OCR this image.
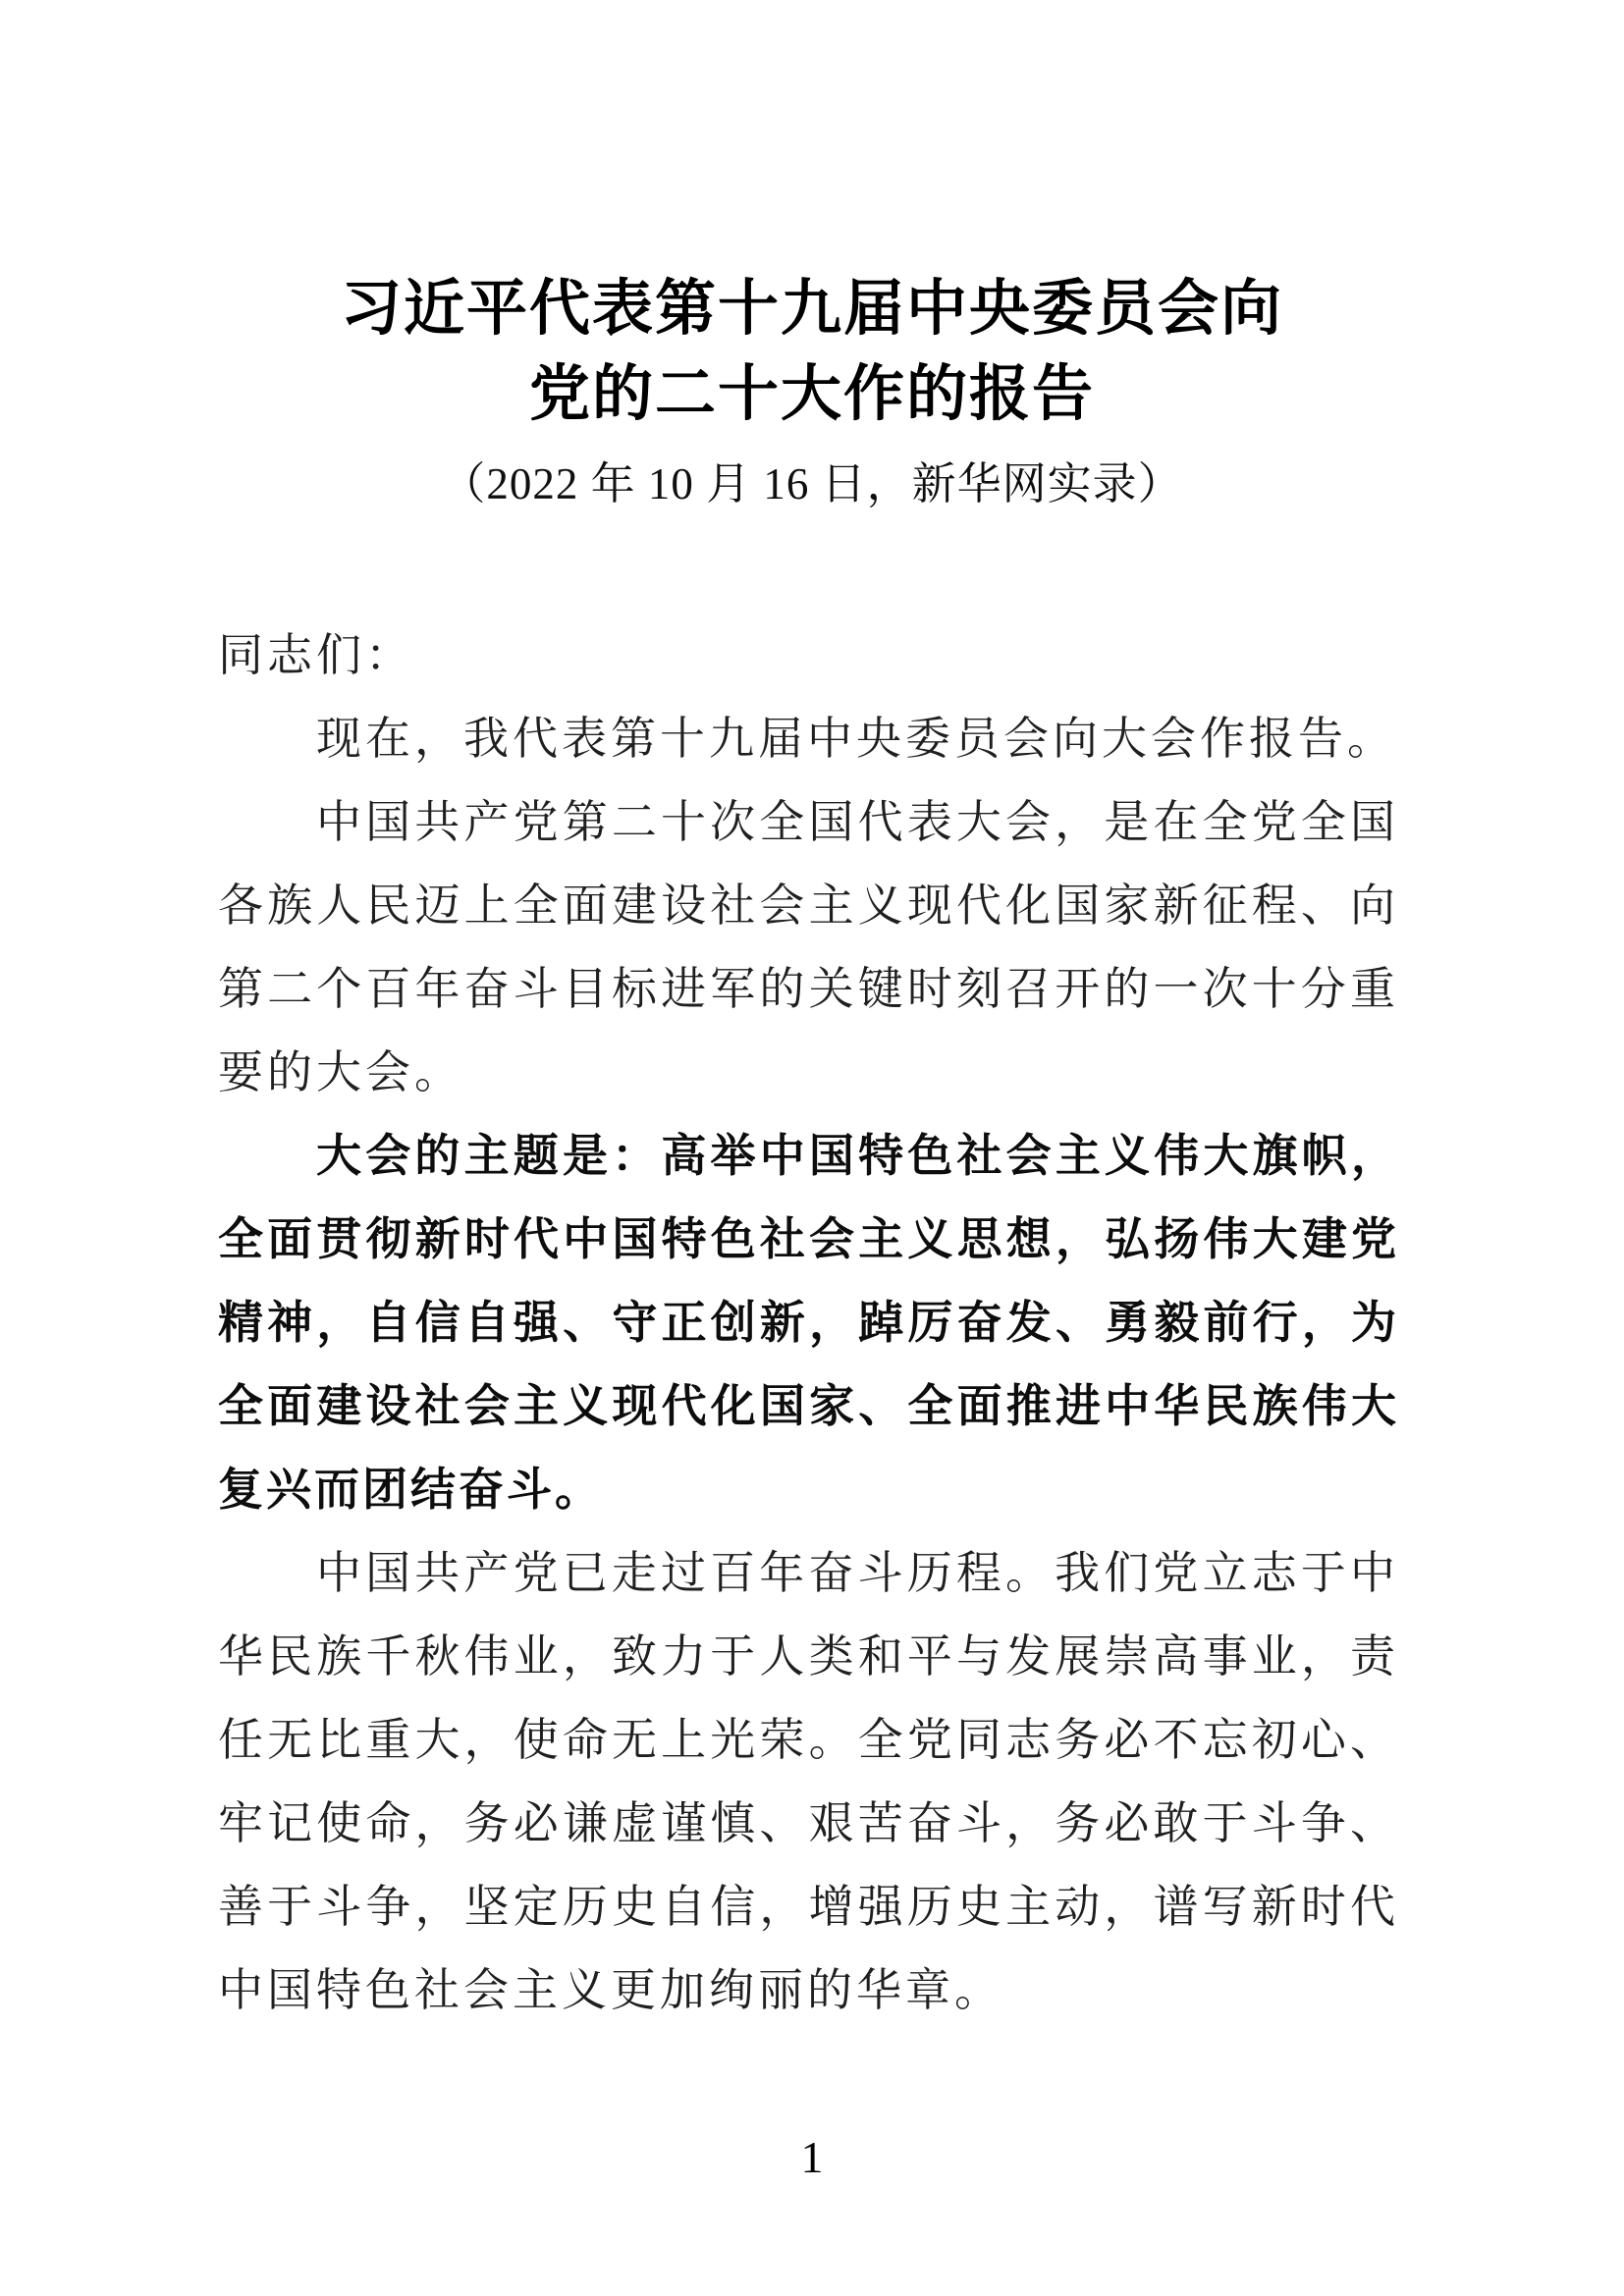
习近平代表第十九届中央委员会向
党的二十大作的报告
（2022 年 10 月 16 日，新华网实录）

同志们：

现在，我代表第十九届中央委员会向大会作报告。

中国共产党第二十次全国代表大会，是在全党全国各族人民迈上全面建设社会主义现代化国家新征程、向第二个百年奋斗目标进军的关键时刻召开的一次十分重要的大会。

大会的主题是：高举中国特色社会主义伟大旗帜，全面贯彻新时代中国特色社会主义思想，弘扬伟大建党精神，自信自强、守正创新，踔厉奋发、勇毅前行，为全面建设社会主义现代化国家、全面推进中华民族伟大复兴而团结奋斗。

中国共产党已走过百年奋斗历程。我们党立志于中华民族千秋伟业，致力于人类和平与发展崇高事业，责任无比重大，使命无上光荣。全党同志务必不忘初心、牢记使命，务必谦虚谨慎、艰苦奋斗，务必敢于斗争、善于斗争，坚定历史自信，增强历史主动，谱写新时代中国特色社会主义更加绚丽的华章。

1
